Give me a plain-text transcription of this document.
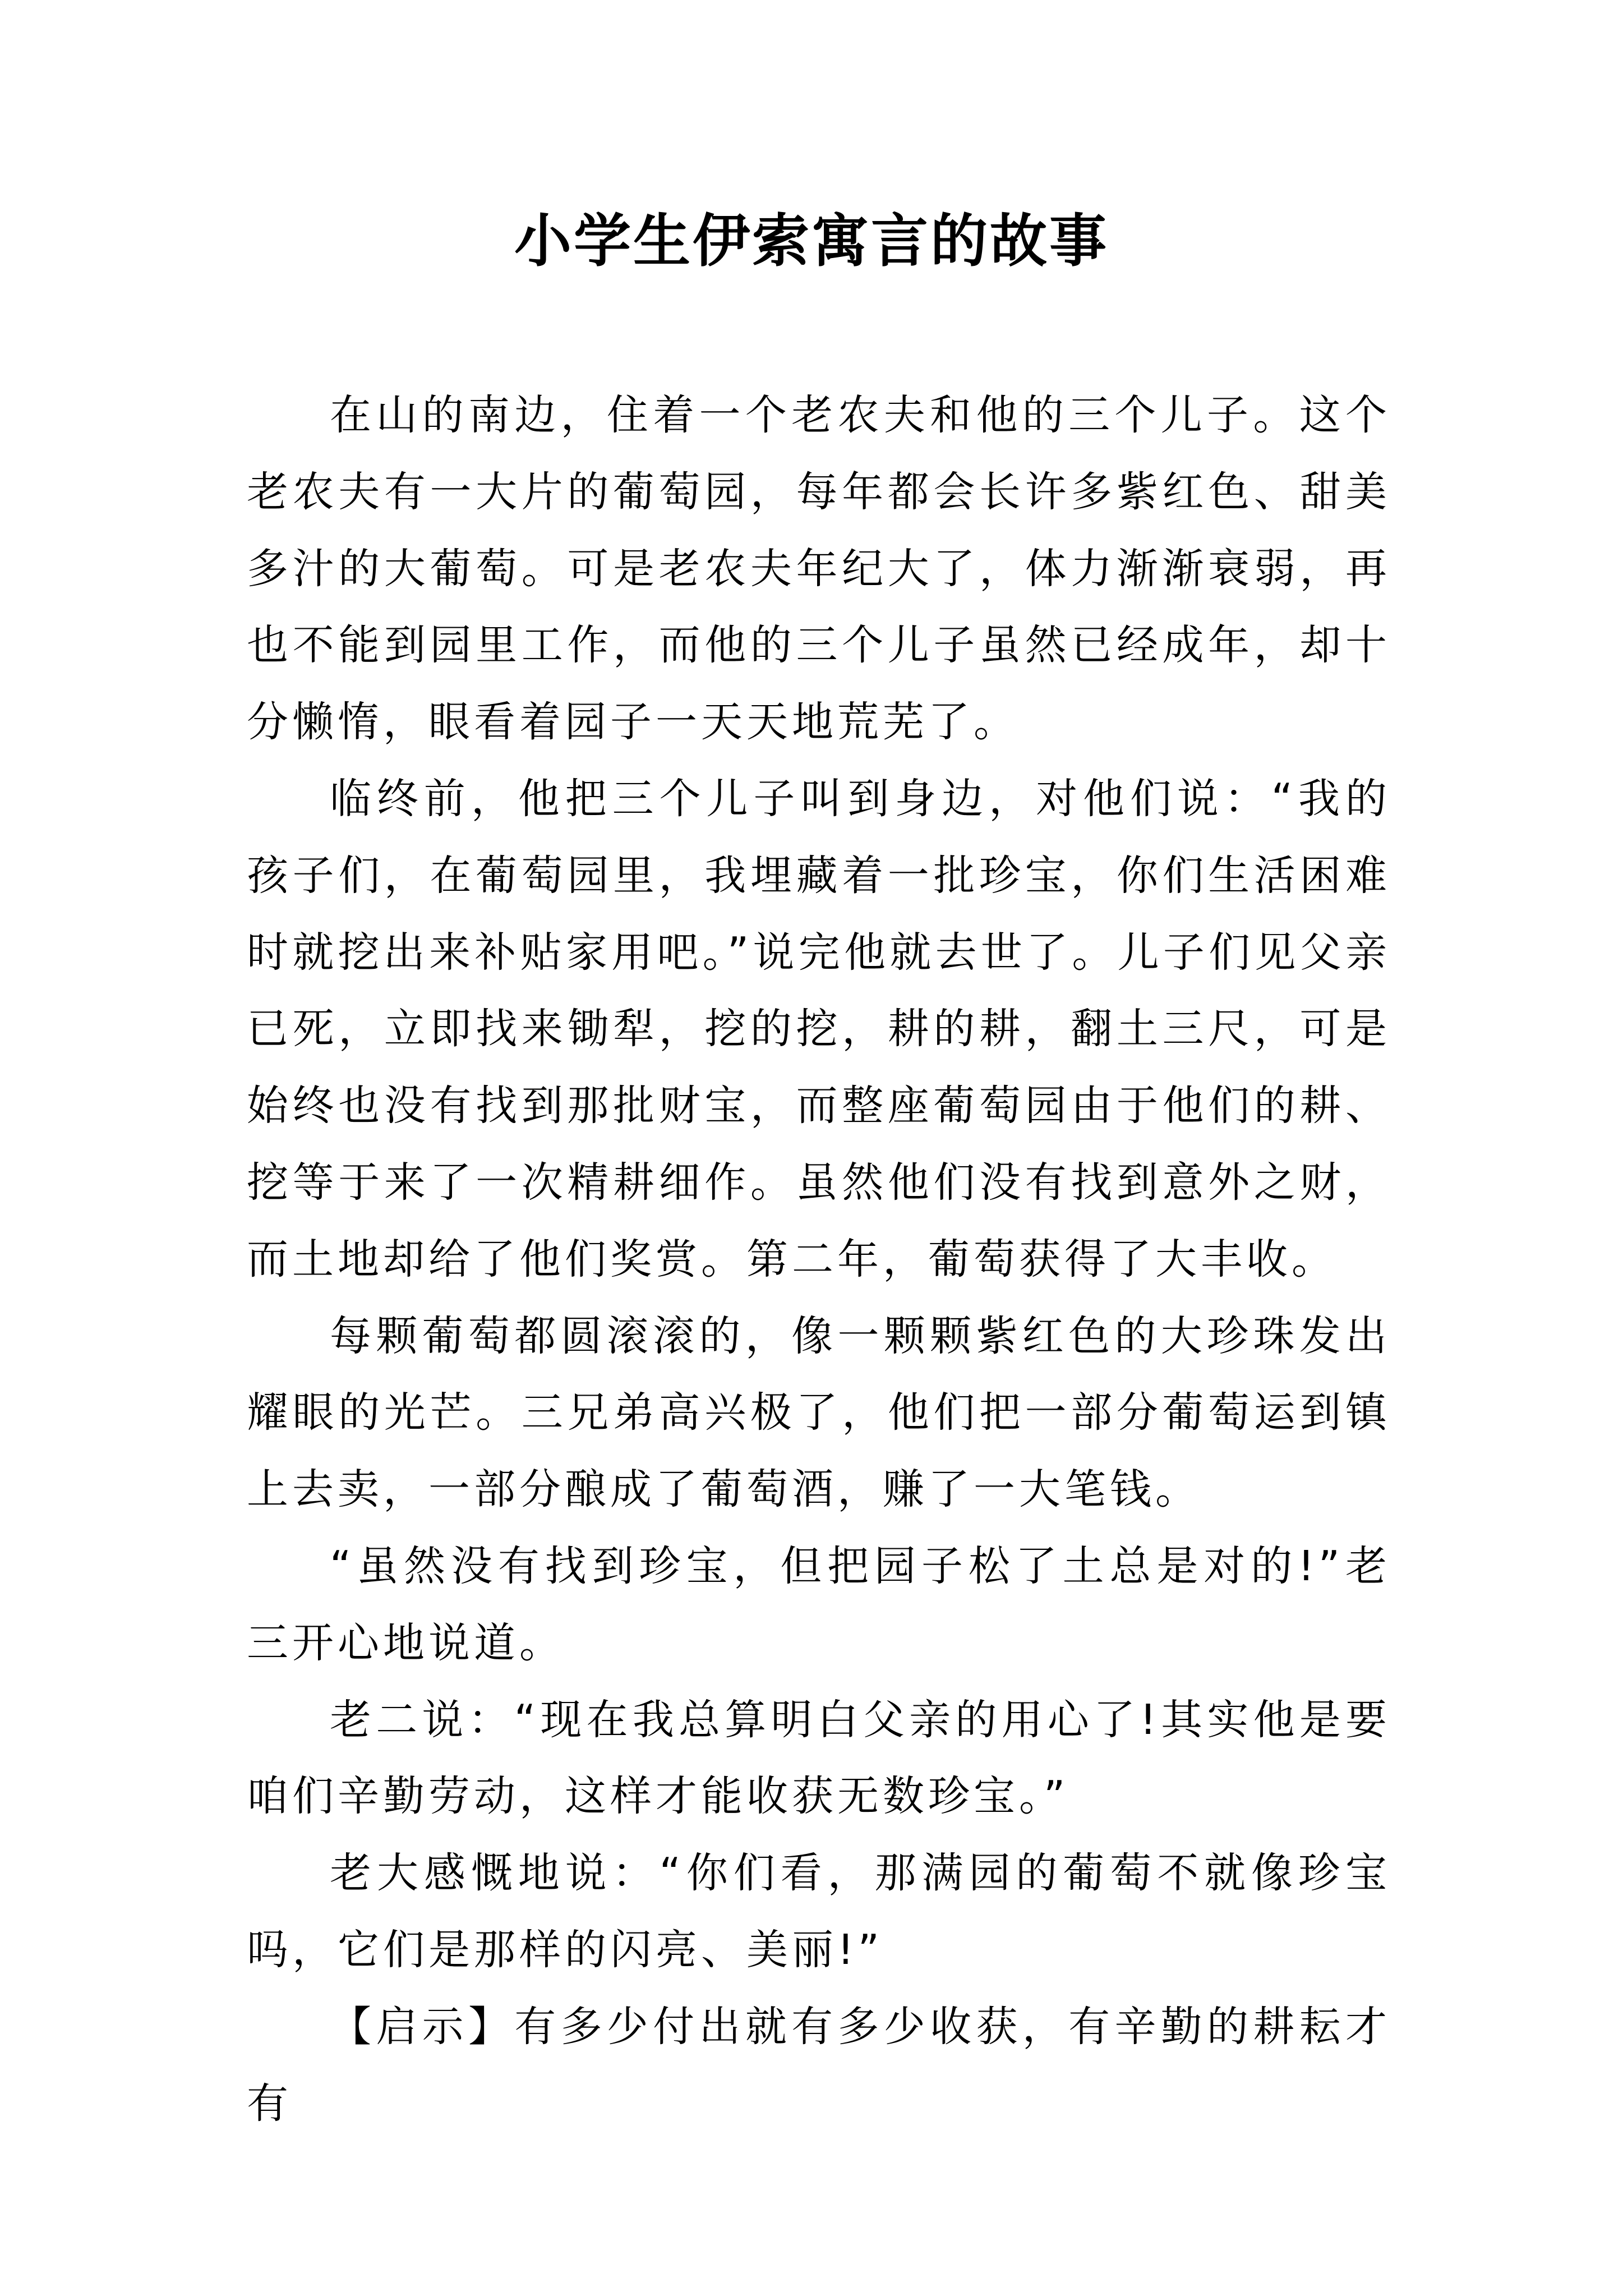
小学生伊索寓言的故事

在山的南边，住着一个老农夫和他的三个儿子。这个老农夫有一大片的葡萄园，每年都会长许多紫红色、甜美多汁的大葡萄。可是老农夫年纪大了，体力渐渐衰弱，再也不能到园里工作，而他的三个儿子虽然已经成年，却十分懒惰，眼看着园子一天天地荒芜了。

临终前，他把三个儿子叫到身边，对他们说：“我的孩子们，在葡萄园里，我埋藏着一批珍宝，你们生活困难时就挖出来补贴家用吧。”说完他就去世了。儿子们见父亲已死，立即找来锄犁，挖的挖，耕的耕，翻土三尺，可是始终也没有找到那批财宝，而整座葡萄园由于他们的耕、挖等于来了一次精耕细作。虽然他们没有找到意外之财，而土地却给了他们奖赏。第二年，葡萄获得了大丰收。

每颗葡萄都圆滚滚的，像一颗颗紫红色的大珍珠发出耀眼的光芒。三兄弟高兴极了，他们把一部分葡萄运到镇上去卖，一部分酿成了葡萄酒，赚了一大笔钱。

“虽然没有找到珍宝，但把园子松了土总是对的!”老三开心地说道。

老二说：“现在我总算明白父亲的用心了!其实他是要咱们辛勤劳动，这样才能收获无数珍宝。”

老大感慨地说：“你们看，那满园的葡萄不就像珍宝吗，它们是那样的闪亮、美丽!”

【启示】有多少付出就有多少收获，有辛勤的耕耘才有
